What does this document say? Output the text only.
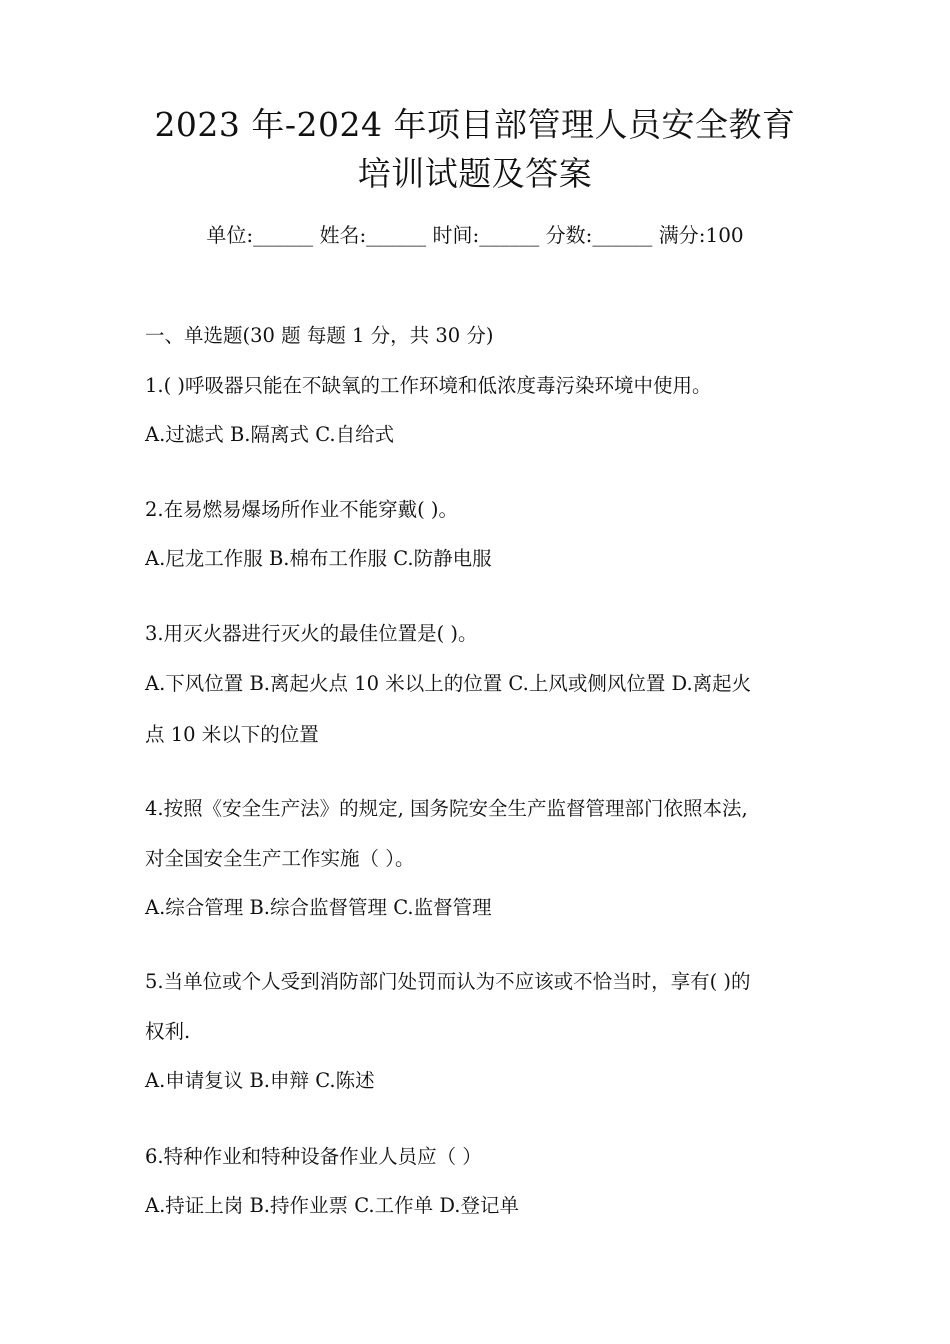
2023 年-2024 年项目部管理人员安全教育
培训试题及答案
单位:______ 姓名:______ 时间:______ 分数:______ 满分:100
一、单选题(30 题 每题 1 分，共 30 分)
1.( )呼吸器只能在不缺氧的工作环境和低浓度毒污染环境中使用。
A.过滤式 B.隔离式 C.自给式
2.在易燃易爆场所作业不能穿戴( )。
A.尼龙工作服 B.棉布工作服 C.防静电服
3.用灭火器进行灭火的最佳位置是( )。
A.下风位置 B.离起火点 10 米以上的位置 C.上风或侧风位置 D.离起火
点 10 米以下的位置
4.按照《安全生产法》的规定, 国务院安全生产监督管理部门依照本法,
对全国安全生产工作实施（ ）。
A.综合管理 B.综合监督管理 C.监督管理
5.当单位或个人受到消防部门处罚而认为不应该或不恰当时，享有( )的
权利.
A.申请复议 B.申辩 C.陈述
6.特种作业和特种设备作业人员应（ ）
A.持证上岗 B.持作业票 C.工作单 D.登记单
